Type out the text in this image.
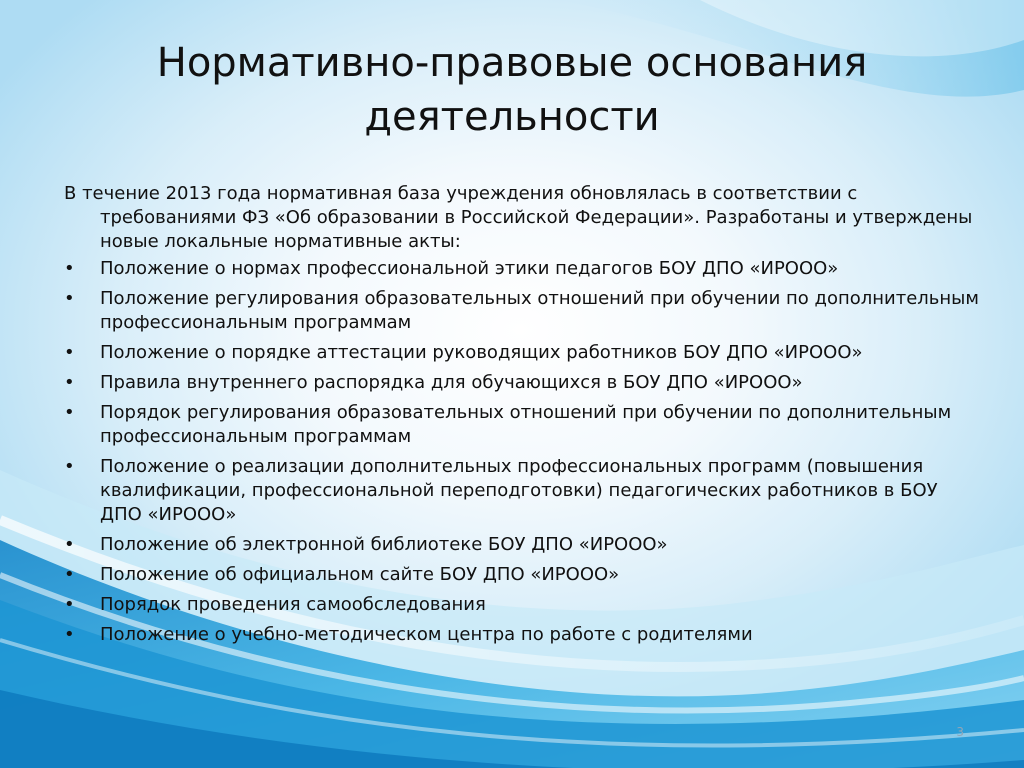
Нормативно-правовые основания
деятельности

В течение 2013 года нормативная база учреждения обновлялась в соответствии с требованиями ФЗ «Об образовании в Российской Федерации». Разработаны и утверждены новые локальные нормативные акты:

•	Положение о нормах профессиональной этики педагогов БОУ ДПО «ИРООО»
•	Положение регулирования образовательных отношений при обучении по дополнительным профессиональным программам
•	Положение о порядке аттестации руководящих работников БОУ ДПО «ИРООО»
•	Правила внутреннего распорядка для обучающихся в БОУ ДПО «ИРООО»
•	Порядок регулирования образовательных отношений при обучении по дополнительным профессиональным программам
•	Положение о реализации дополнительных профессиональных программ (повышения квалификации, профессиональной переподготовки) педагогических работников в БОУ ДПО «ИРООО»
•	Положение об электронной библиотеке БОУ ДПО «ИРООО»
•	Положение об официальном сайте БОУ ДПО «ИРООО»
•	Порядок проведения самообследования
•	Положение о учебно-методическом центра по работе с родителями
3
